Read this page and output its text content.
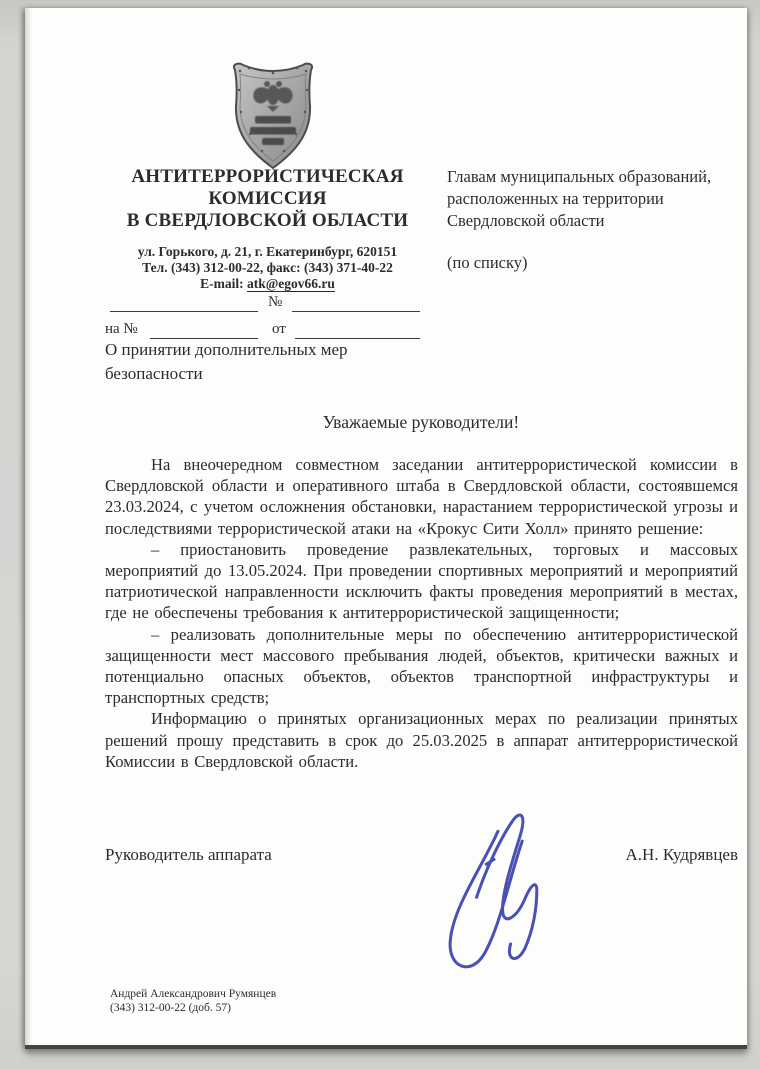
АНТИТЕРРОРИСТИЧЕСКАЯ
КОМИССИЯ
В СВЕРДЛОВСКОЙ ОБЛАСТИ
ул. Горького, д. 21, г. Екатеринбург, 620151
Тел. (343) 312-00-22, факс: (343) 371-40-22
E-mail: atk@egov66.ru
Главам муниципальных образований,
расположенных на территории
Свердловской области
(по списку)
№
на №	от
О принятии дополнительных мер безопасности
Уважаемые руководители!

На внеочередном совместном заседании антитеррористической комиссии в Свердловской области и оперативного штаба в Свердловской области, состоявшемся 23.03.2024, с учетом осложнения обстановки, нарастанием террористической угрозы и последствиями террористической атаки на «Крокус Сити Холл» принято решение:

– приостановить проведение развлекательных, торговых и массовых мероприятий до 13.05.2024. При проведении спортивных мероприятий и мероприятий патриотической направленности исключить факты проведения мероприятий в местах, где не обеспечены требования к антитеррористической защищенности;

– реализовать дополнительные меры по обеспечению антитеррористической защищенности мест массового пребывания людей, объектов, критически важных и потенциально опасных объектов, объектов транспортной инфраструктуры и транспортных средств;

Информацию о принятых организационных мерах по реализации принятых решений прошу представить в срок до 25.03.2025 в аппарат антитеррористической Комиссии в Свердловской области.

Руководитель аппарата	А.Н. Кудрявцев
Андрей Александрович Румянцев
(343) 312-00-22 (доб. 57)
